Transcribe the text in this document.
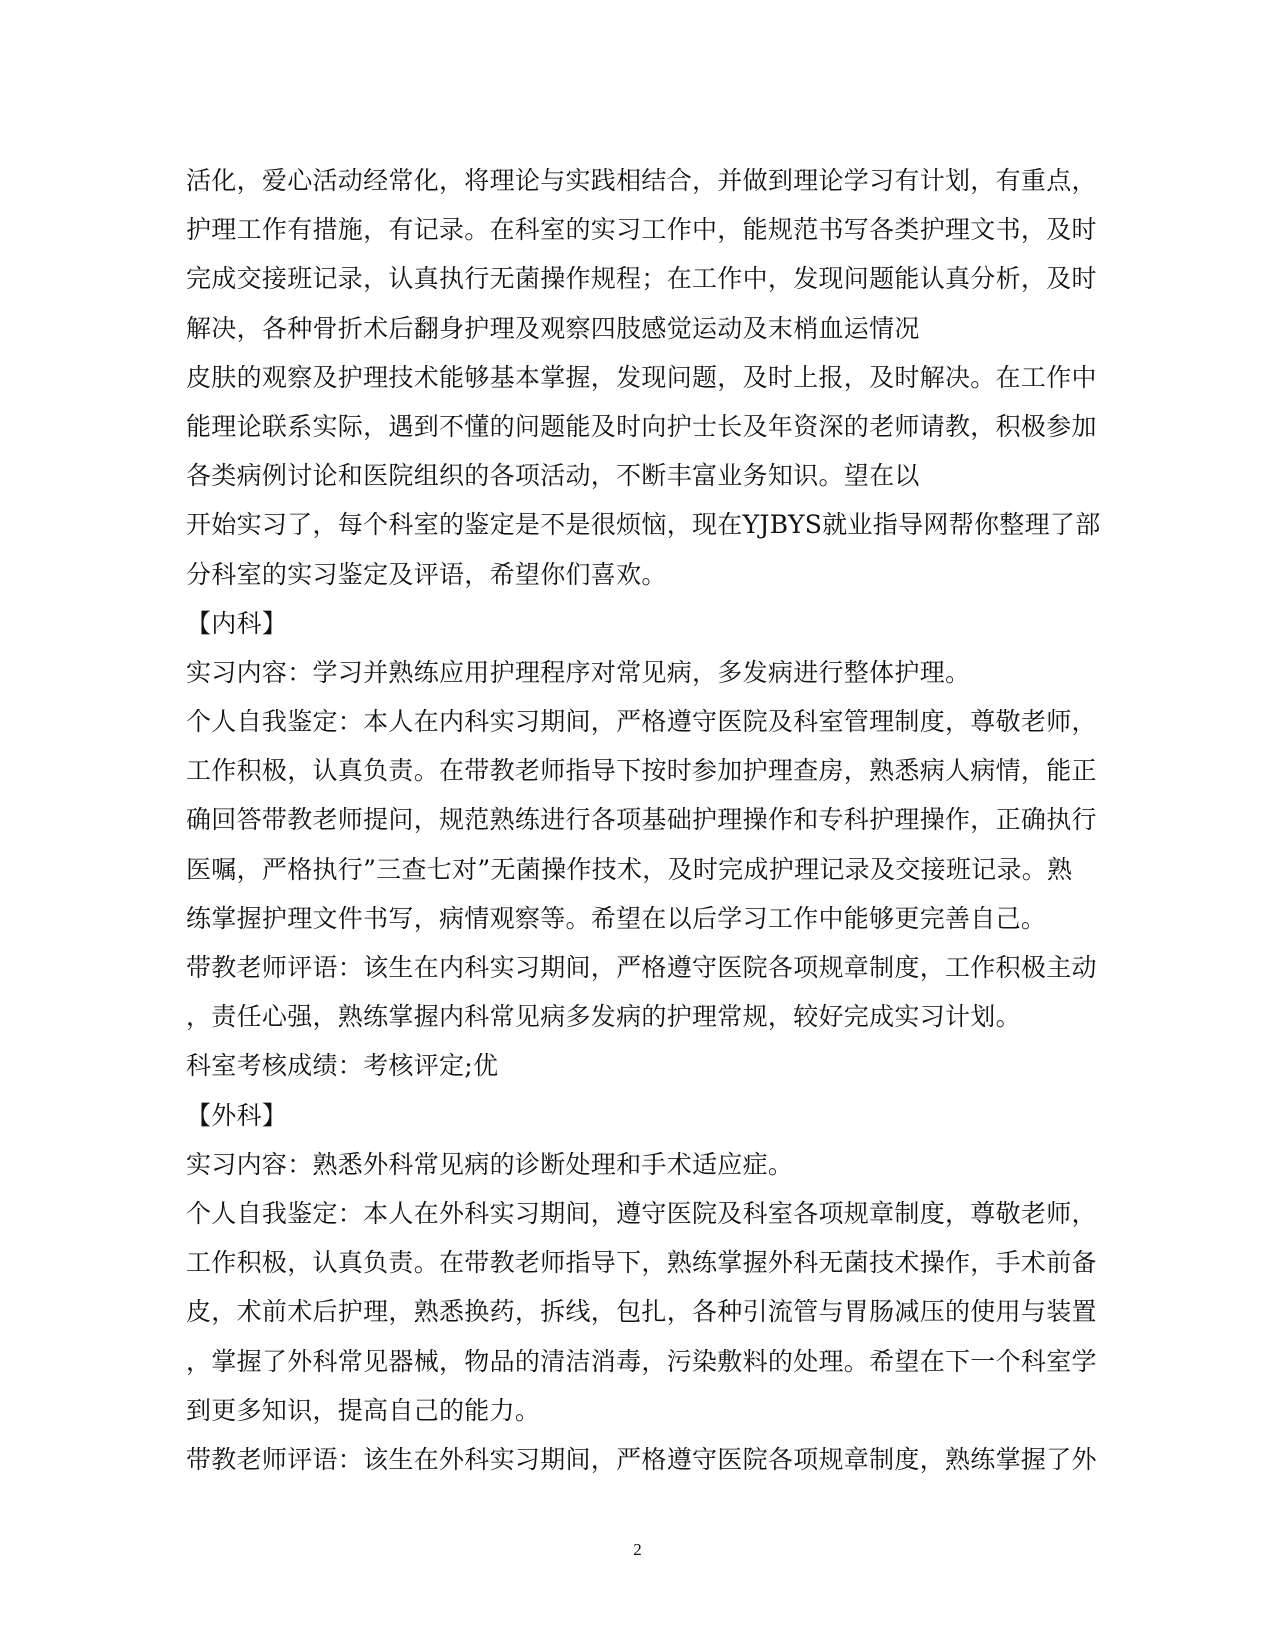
活化，爱心活动经常化，将理论与实践相结合，并做到理论学习有计划，有重点，
护理工作有措施，有记录。在科室的实习工作中，能规范书写各类护理文书，及时
完成交接班记录，认真执行无菌操作规程；在工作中，发现问题能认真分析，及时
解决，各种骨折术后翻身护理及观察四肢感觉运动及末梢血运情况
皮肤的观察及护理技术能够基本掌握，发现问题，及时上报，及时解决。在工作中
能理论联系实际，遇到不懂的问题能及时向护士长及年资深的老师请教，积极参加
各类病例讨论和医院组织的各项活动，不断丰富业务知识。望在以
开始实习了，每个科室的鉴定是不是很烦恼，现在YJBYS就业指导网帮你整理了部
分科室的实习鉴定及评语，希望你们喜欢。
【内科】
实习内容：学习并熟练应用护理程序对常见病，多发病进行整体护理。
个人自我鉴定：本人在内科实习期间，严格遵守医院及科室管理制度，尊敬老师，
工作积极，认真负责。在带教老师指导下按时参加护理查房，熟悉病人病情，能正
确回答带教老师提问，规范熟练进行各项基础护理操作和专科护理操作，正确执行
医嘱，严格执行”三查七对”无菌操作技术，及时完成护理记录及交接班记录。熟
练掌握护理文件书写，病情观察等。希望在以后学习工作中能够更完善自己。
带教老师评语：该生在内科实习期间，严格遵守医院各项规章制度，工作积极主动
，责任心强，熟练掌握内科常见病多发病的护理常规，较好完成实习计划。
科室考核成绩：考核评定;优
【外科】
实习内容：熟悉外科常见病的诊断处理和手术适应症。
个人自我鉴定：本人在外科实习期间，遵守医院及科室各项规章制度，尊敬老师，
工作积极，认真负责。在带教老师指导下，熟练掌握外科无菌技术操作，手术前备
皮，术前术后护理，熟悉换药，拆线，包扎，各种引流管与胃肠减压的使用与装置
，掌握了外科常见器械，物品的清洁消毒，污染敷料的处理。希望在下一个科室学
到更多知识，提高自己的能力。
带教老师评语：该生在外科实习期间，严格遵守医院各项规章制度，熟练掌握了外
2
